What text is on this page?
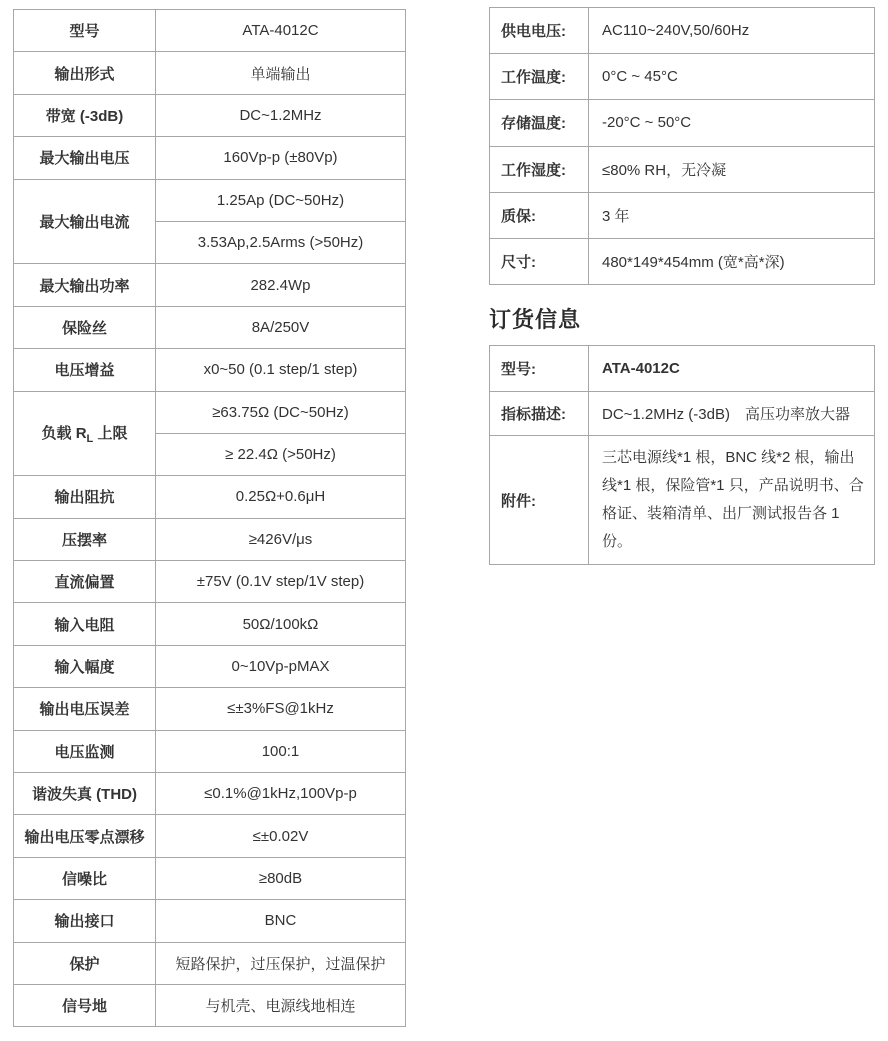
型号	ATA-4012C
输出形式	单端输出
带宽 (-3dB)	DC~1.2MHz
最大输出电压	160Vp-p (±80Vp)
最大输出电流	1.25Ap (DC~50Hz)
	3.53Ap,2.5Arms (>50Hz)
最大输出功率	282.4Wp
保险丝	8A/250V
电压增益	x0~50 (0.1 step/1 step)
负载 $R_L$ 上限	≥63.75Ω (DC~50Hz)
	≥ 22.4Ω (>50Hz)
输出阻抗	0.25Ω+0.6μH
压摆率	≥426V/μs
直流偏置	±75V (0.1V step/1V step)
输入电阻	50Ω/100kΩ
输入幅度	0~10Vp-pMAX
输出电压误差	≤±3%FS@1kHz
电压监测	100:1
谐波失真 (THD)	≤0.1%@1kHz,100Vp-p
输出电压零点漂移	≤±0.02V
信噪比	≥80dB
输出接口	BNC
保护	短路保护，过压保护，过温保护
信号地	与机壳、电源线地相连
供电电压:	AC110~240V,50/60Hz
工作温度:	0°C ~ 45°C
存储温度:	-20°C ~ 50°C
工作湿度:	≤80% RH，无冷凝
质保:	3 年
尺寸:	480*149*454mm (宽*高*深)
订货信息
型号:	ATA-4012C
指标描述:	DC~1.2MHz (-3dB)　高压功率放大器
附件:	三芯电源线*1 根，BNC 线*2 根，输出线*1 根，保险管*1 只，产品说明书、合格证、装箱清单、出厂测试报告各 1 份。
